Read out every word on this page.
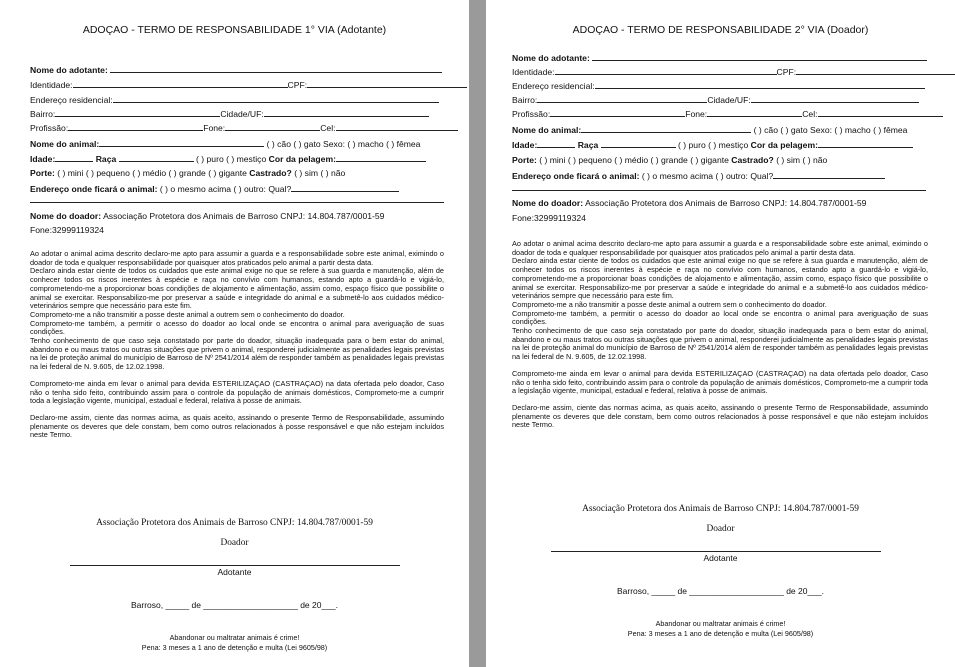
ADOÇAO - TERMO DE RESPONSABILIDADE 1° VIA (Adotante)
Nome do adotante:
Identidade:	CPF:
Endereço residencial:
Bairro:	Cidade/UF:
Profissão:	Fone:	Cel:
Nome do animal:	( ) cão ( ) gato Sexo: ( ) macho ( ) fêmea
Idade:	Raça	( ) puro ( ) mestiço Cor da pelagem:
Porte: ( ) mini ( ) pequeno ( ) médio ( ) grande ( ) gigante Castrado? ( ) sim ( ) não
Endereço onde ficará o animal: ( ) o mesmo acima ( ) outro: Qual?
Nome do doador: Associação Protetora dos Animais de Barroso CNPJ: 14.804.787/0001-59
Fone:32999119324

Ao adotar o animal acima descrito declaro-me apto para assumir a guarda e a responsabilidade sobre este animal, eximindo o doador de toda e qualquer responsabilidade por quaisquer atos praticados pelo animal a partir desta data.

Declaro ainda estar ciente de todos os cuidados que este animal exige no que se refere à sua guarda e manutenção, além de conhecer todos os riscos inerentes à espécie e raça no convívio com humanos, estando apto a guardá-lo e vigiá-lo, comprometendo-me a proporcionar boas condições de alojamento e alimentação, assim como, espaço físico que possibilite o animal se exercitar. Responsabilizo-me por preservar a saúde e integridade do animal e a submetê-lo aos cuidados médico-veterinários sempre que necessário para este fim.

Comprometo-me a não transmitir a posse deste animal a outrem sem o conhecimento do doador.

Comprometo-me também, a permitir o acesso do doador ao local onde se encontra o animal para averiguação de suas condições.

Tenho conhecimento de que caso seja constatado por parte do doador, situação inadequada para o bem estar do animal, abandono e ou maus tratos ou outras situações que privem o animal, responderei judicialmente as penalidades legais previstas na lei de proteção animal do município de Barroso de Nº 2541/2014 além de responder também as penalidades legais previstas na lei federal de N. 9.605, de 12.02.1998.

Comprometo-me ainda em levar o animal para devida ESTERILIZAÇAO (CASTRAÇAO) na data ofertada pelo doador, Caso não o tenha sido feito, contribuindo assim para o controle da população de animais domésticos, Comprometo-me a cumprir toda a legislação vigente, municipal, estadual e federal, relativa à posse de animais.

Declaro-me assim, ciente das normas acima, as quais aceito, assinando o presente Termo de Responsabilidade, assumindo plenamente os deveres que dele constam, bem como outros relacionados à posse responsável e que não estejam incluídos neste Termo.

Associação Protetora dos Animais de Barroso CNPJ: 14.804.787/0001-59
Doador
Adotante
Barroso, _____ de ____________________ de 20___.
Abandonar ou maltratar animais é crime!
Pena: 3 meses a 1 ano de detenção e multa (Lei 9605/98)
ADOÇAO - TERMO DE RESPONSABILIDADE 2° VIA (Doador)
Nome do adotante:
Identidade:	CPF:
Endereço residencial:
Bairro:	Cidade/UF:
Profissão:	Fone:	Cel:
Nome do animal:	( ) cão ( ) gato Sexo: ( ) macho ( ) fêmea
Idade:	Raça	( ) puro ( ) mestiço Cor da pelagem:
Porte: ( ) mini ( ) pequeno ( ) médio ( ) grande ( ) gigante Castrado? ( ) sim ( ) não
Endereço onde ficará o animal: ( ) o mesmo acima ( ) outro: Qual?
Nome do doador: Associação Protetora dos Animais de Barroso CNPJ: 14.804.787/0001-59
Fone:32999119324

Ao adotar o animal acima descrito declaro-me apto para assumir a guarda e a responsabilidade sobre este animal, eximindo o doador de toda e qualquer responsabilidade por quaisquer atos praticados pelo animal a partir desta data.

Declaro ainda estar ciente de todos os cuidados que este animal exige no que se refere à sua guarda e manutenção, além de conhecer todos os riscos inerentes à espécie e raça no convívio com humanos, estando apto a guardá-lo e vigiá-lo, comprometendo-me a proporcionar boas condições de alojamento e alimentação, assim como, espaço físico que possibilite o animal se exercitar. Responsabilizo-me por preservar a saúde e integridade do animal e a submetê-lo aos cuidados médico-veterinários sempre que necessário para este fim.

Comprometo-me a não transmitir a posse deste animal a outrem sem o conhecimento do doador.

Comprometo-me também, a permitir o acesso do doador ao local onde se encontra o animal para averiguação de suas condições.

Tenho conhecimento de que caso seja constatado por parte do doador, situação inadequada para o bem estar do animal, abandono e ou maus tratos ou outras situações que privem o animal, responderei judicialmente as penalidades legais previstas na lei de proteção animal do município de Barroso de Nº 2541/2014 além de responder também as penalidades legais previstas na lei federal de N. 9.605, de 12.02.1998.

Comprometo-me ainda em levar o animal para devida ESTERILIZAÇAO (CASTRAÇAO) na data ofertada pelo doador, Caso não o tenha sido feito, contribuindo assim para o controle da população de animais domésticos, Comprometo-me a cumprir toda a legislação vigente, municipal, estadual e federal, relativa à posse de animais.

Declaro-me assim, ciente das normas acima, as quais aceito, assinando o presente Termo de Responsabilidade, assumindo plenamente os deveres que dele constam, bem como outros relacionados à posse responsável e que não estejam incluídos neste Termo.

Associação Protetora dos Animais de Barroso CNPJ: 14.804.787/0001-59
Doador
Adotante
Barroso, _____ de ____________________ de 20___.
Abandonar ou maltratar animais é crime!
Pena: 3 meses a 1 ano de detenção e multa (Lei 9605/98)
